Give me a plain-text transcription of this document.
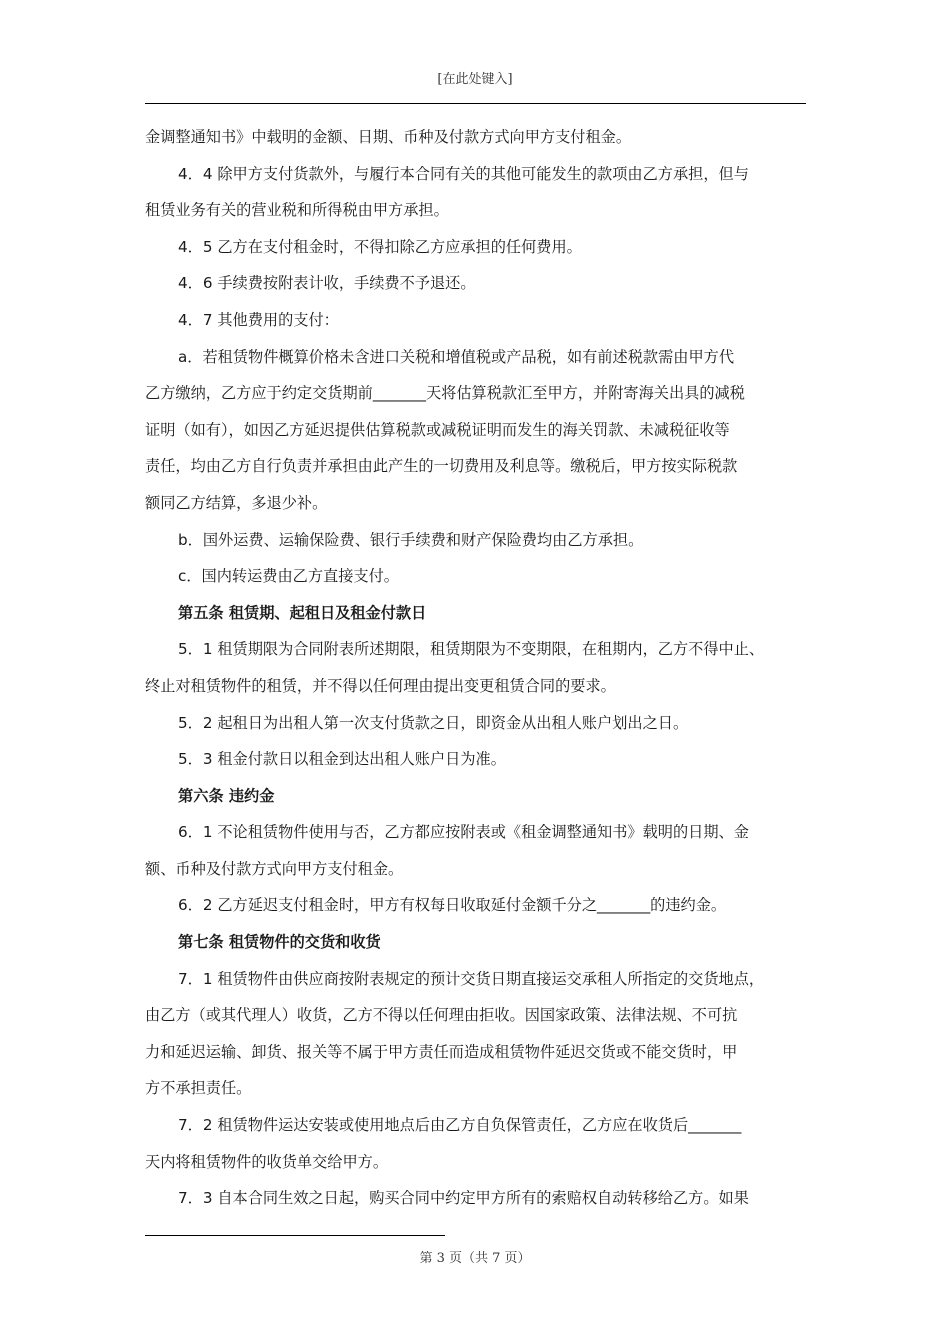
[在此处键入]

金调整通知书》中载明的金额、日期、币种及付款方式向甲方支付租金。

4．4 除甲方支付货款外，与履行本合同有关的其他可能发生的款项由乙方承担，但与

租赁业务有关的营业税和所得税由甲方承担。

4．5 乙方在支付租金时，不得扣除乙方应承担的任何费用。

4．6 手续费按附表计收，手续费不予退还。

4．7 其他费用的支付：

a．若租赁物件概算价格未含进口关税和增值税或产品税，如有前述税款需由甲方代

乙方缴纳，乙方应于约定交货期前_______天将估算税款汇至甲方，并附寄海关出具的减税

证明（如有），如因乙方延迟提供估算税款或减税证明而发生的海关罚款、未减税征收等

责任，均由乙方自行负责并承担由此产生的一切费用及利息等。缴税后，甲方按实际税款

额同乙方结算，多退少补。

b．国外运费、运输保险费、银行手续费和财产保险费均由乙方承担。

c．国内转运费由乙方直接支付。

第五条 租赁期、起租日及租金付款日

5．1 租赁期限为合同附表所述期限，租赁期限为不变期限，在租期内，乙方不得中止、

终止对租赁物件的租赁，并不得以任何理由提出变更租赁合同的要求。

5．2 起租日为出租人第一次支付货款之日，即资金从出租人账户划出之日。

5．3 租金付款日以租金到达出租人账户日为准。

第六条 违约金

6．1 不论租赁物件使用与否，乙方都应按附表或《租金调整通知书》载明的日期、金

额、币种及付款方式向甲方支付租金。

6．2 乙方延迟支付租金时，甲方有权每日收取延付金额千分之_______的违约金。

第七条 租赁物件的交货和收货

7．1 租赁物件由供应商按附表规定的预计交货日期直接运交承租人所指定的交货地点，

由乙方（或其代理人）收货，乙方不得以任何理由拒收。因国家政策、法律法规、不可抗

力和延迟运输、卸货、报关等不属于甲方责任而造成租赁物件延迟交货或不能交货时，甲

方不承担责任。

7．2 租赁物件运达安装或使用地点后由乙方自负保管责任，乙方应在收货后_______

天内将租赁物件的收货单交给甲方。

7．3 自本合同生效之日起，购买合同中约定甲方所有的索赔权自动转移给乙方。如果

第 3 页（共 7 页）
